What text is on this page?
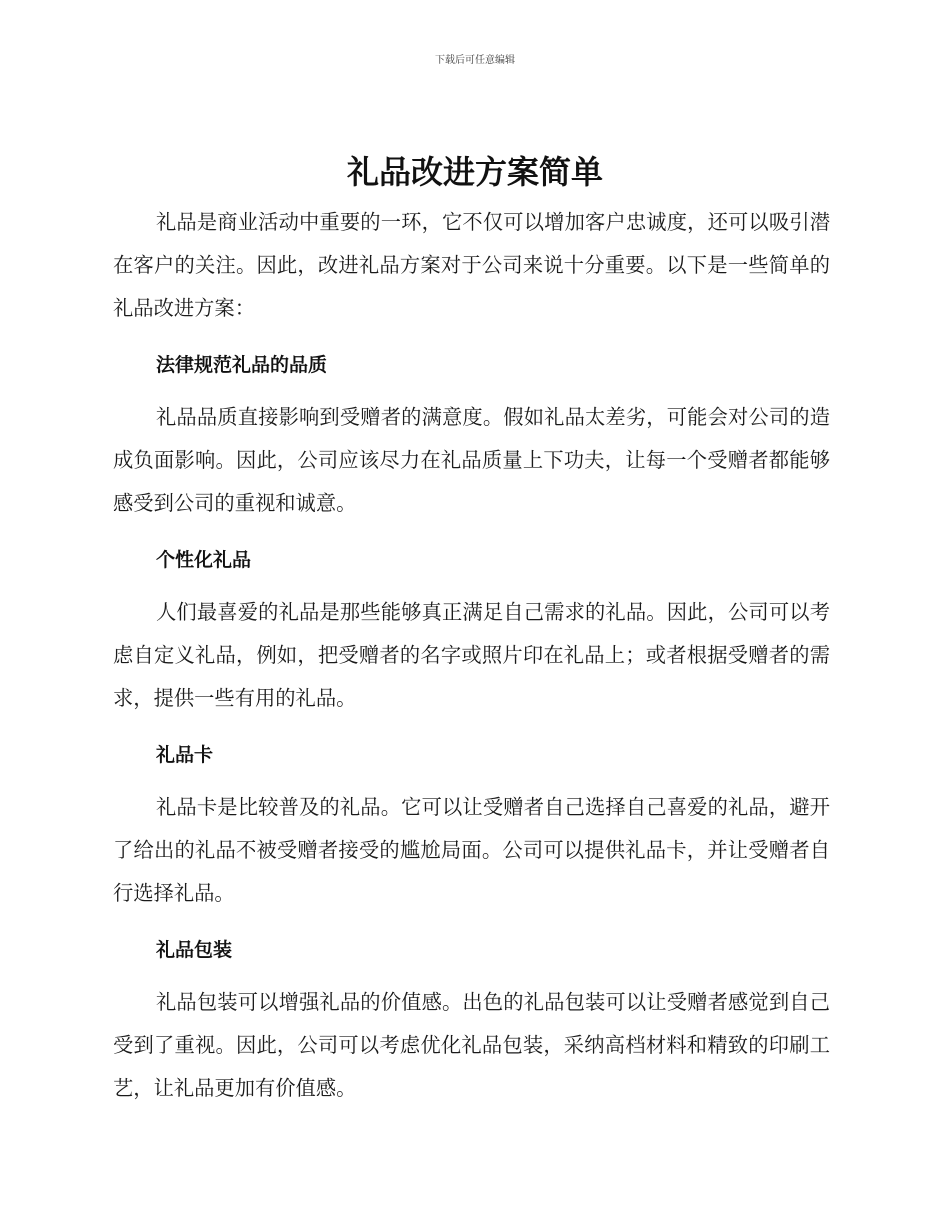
下载后可任意编辑
礼品改进方案简单

礼品是商业活动中重要的一环，它不仅可以增加客户忠诚度，还可以吸引潜在客户的关注。因此，改进礼品方案对于公司来说十分重要。以下是一些简单的礼品改进方案：

法律规范礼品的品质

礼品品质直接影响到受赠者的满意度。假如礼品太差劣，可能会对公司的造成负面影响。因此，公司应该尽力在礼品质量上下功夫，让每一个受赠者都能够感受到公司的重视和诚意。

个性化礼品

人们最喜爱的礼品是那些能够真正满足自己需求的礼品。因此，公司可以考虑自定义礼品，例如，把受赠者的名字或照片印在礼品上；或者根据受赠者的需求，提供一些有用的礼品。

礼品卡

礼品卡是比较普及的礼品。它可以让受赠者自己选择自己喜爱的礼品，避开了给出的礼品不被受赠者接受的尴尬局面。公司可以提供礼品卡，并让受赠者自行选择礼品。

礼品包装

礼品包装可以增强礼品的价值感。出色的礼品包装可以让受赠者感觉到自己受到了重视。因此，公司可以考虑优化礼品包装，采纳高档材料和精致的印刷工艺，让礼品更加有价值感。
